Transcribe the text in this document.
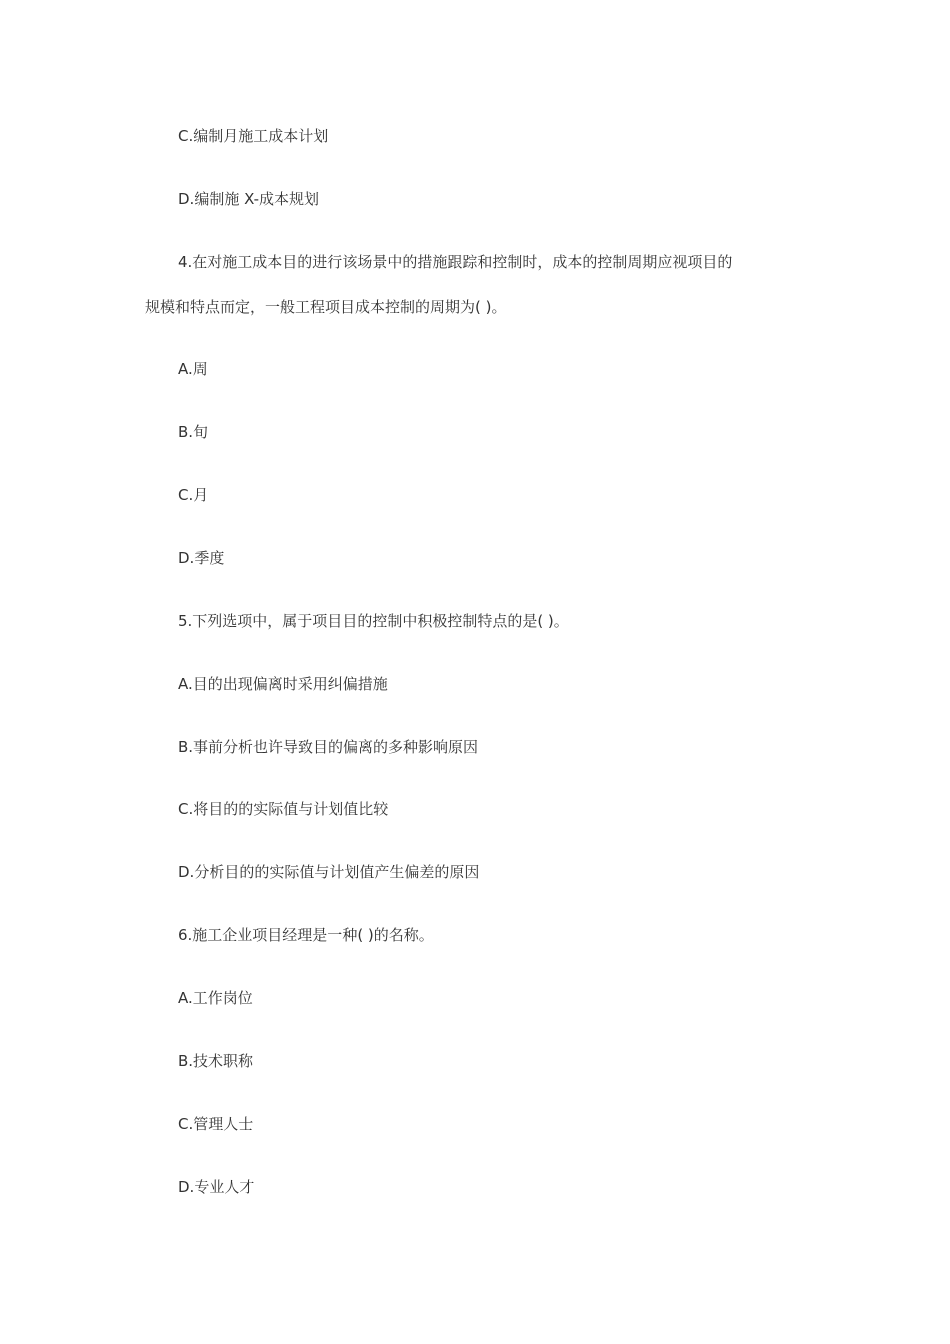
C.编制月施工成本计划
D.编制施 X-成本规划
4.在对施工成本目的进行该场景中的措施跟踪和控制时，成本的控制周期应视项目的
规模和特点而定，一般工程项目成本控制的周期为( )。
A.周
B.旬
C.月
D.季度
5.下列选项中，属于项目目的控制中积极控制特点的是( )。
A.目的出现偏离时采用纠偏措施
B.事前分析也许导致目的偏离的多种影响原因
C.将目的的实际值与计划值比较
D.分析目的的实际值与计划值产生偏差的原因
6.施工企业项目经理是一种( )的名称。
A.工作岗位
B.技术职称
C.管理人士
D.专业人才
